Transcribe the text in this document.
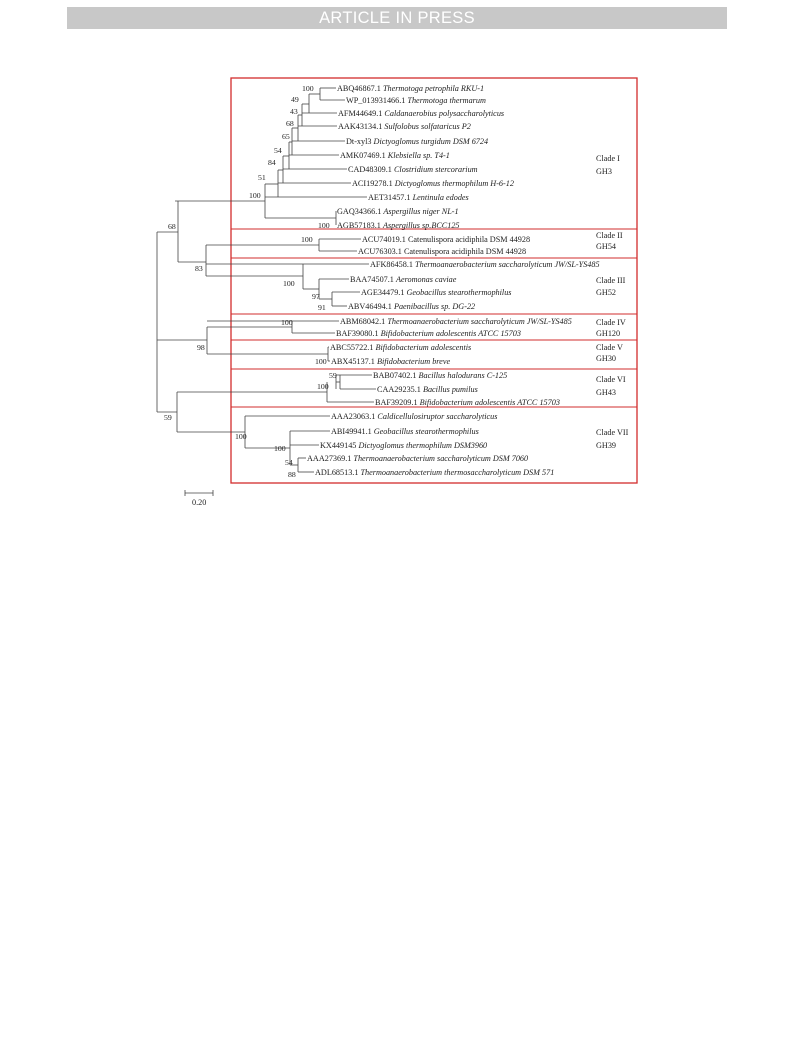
ARTICLE IN PRESS
ABQ46867.1 Thermotoga petrophila RKU-1
WP_013931466.1 Thermotoga thermarum
AFM44649.1 Caldanaerobius polysaccharolyticus
AAK43134.1 Sulfolobus solfataricus P2
Dt-xyl3 Dictyoglomus turgidum DSM 6724
AMK07469.1 Klebsiella sp. T4-1
CAD48309.1 Clostridium stercorarium
ACI19278.1 Dictyoglomus thermophilum H-6-12
AET31457.1 Lentinula edodes
GAQ34366.1 Aspergillus niger NL-1
AGB57183.1 Aspergillus sp.BCC125
ACU74019.1 Catenulispora acidiphila DSM 44928
ACU76303.1 Catenulispora acidiphila DSM 44928
AFK86458.1 Thermoanaerobacterium saccharolyticum JW/SL-YS485
BAA74507.1 Aeromonas caviae
AGE34479.1 Geobacillus stearothermophilus
ABV46494.1 Paenibacillus sp. DG-22
ABM68042.1 Thermoanaerobacterium saccharolyticum JW/SL-YS485
BAF39080.1 Bifidobacterium adolescentis ATCC 15703
ABC55722.1 Bifidobacterium adolescentis
ABX45137.1 Bifidobacterium breve
BAB07402.1 Bacillus halodurans C-125
CAA29235.1 Bacillus pumilus
BAF39209.1 Bifidobacterium adolescentis ATCC 15703
AAA23063.1 Caldicellulosiruptor saccharolyticus
ABI49941.1 Geobacillus stearothermophilus
KX449145 Dictyoglomus thermophilum DSM3960
AAA27369.1 Thermoanaerobacterium saccharolyticum DSM 7060
ADL68513.1 Thermoanaerobacterium thermosaccharolyticum DSM 571
100
49
43
68
65
54
84
51
100
100
68
100
83
100
97
91
100
98
100
59
100
59
100
100
54
88
Clade I
GH3
Clade II
GH54
Clade III
GH52
Clade IV
GH120
Clade V
GH30
Clade VI
GH43
Clade VII
GH39
0.20
